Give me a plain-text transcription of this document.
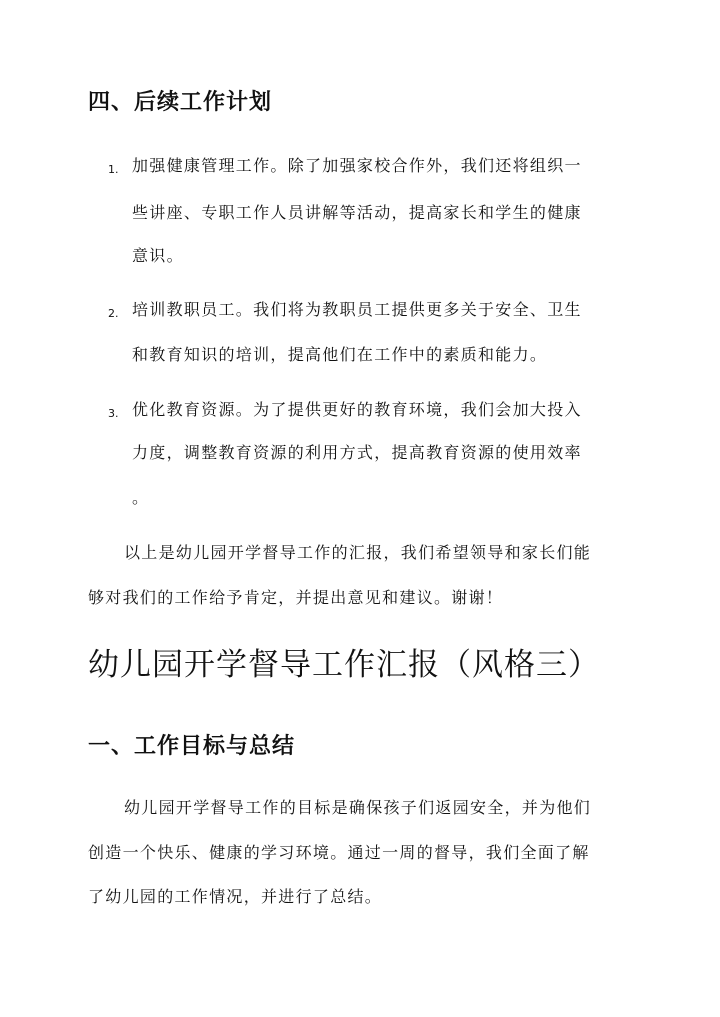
四、后续工作计划
1. 加强健康管理工作。除了加强家校合作外，我们还将组织一
些讲座、专职工作人员讲解等活动，提高家长和学生的健康
意识。
2. 培训教职员工。我们将为教职员工提供更多关于安全、卫生
和教育知识的培训，提高他们在工作中的素质和能力。
3. 优化教育资源。为了提供更好的教育环境，我们会加大投入
力度，调整教育资源的利用方式，提高教育资源的使用效率
。
以上是幼儿园开学督导工作的汇报，我们希望领导和家长们能
够对我们的工作给予肯定，并提出意见和建议。谢谢！
幼儿园开学督导工作汇报（风格三）
一、工作目标与总结
幼儿园开学督导工作的目标是确保孩子们返园安全，并为他们
创造一个快乐、健康的学习环境。通过一周的督导，我们全面了解
了幼儿园的工作情况，并进行了总结。
